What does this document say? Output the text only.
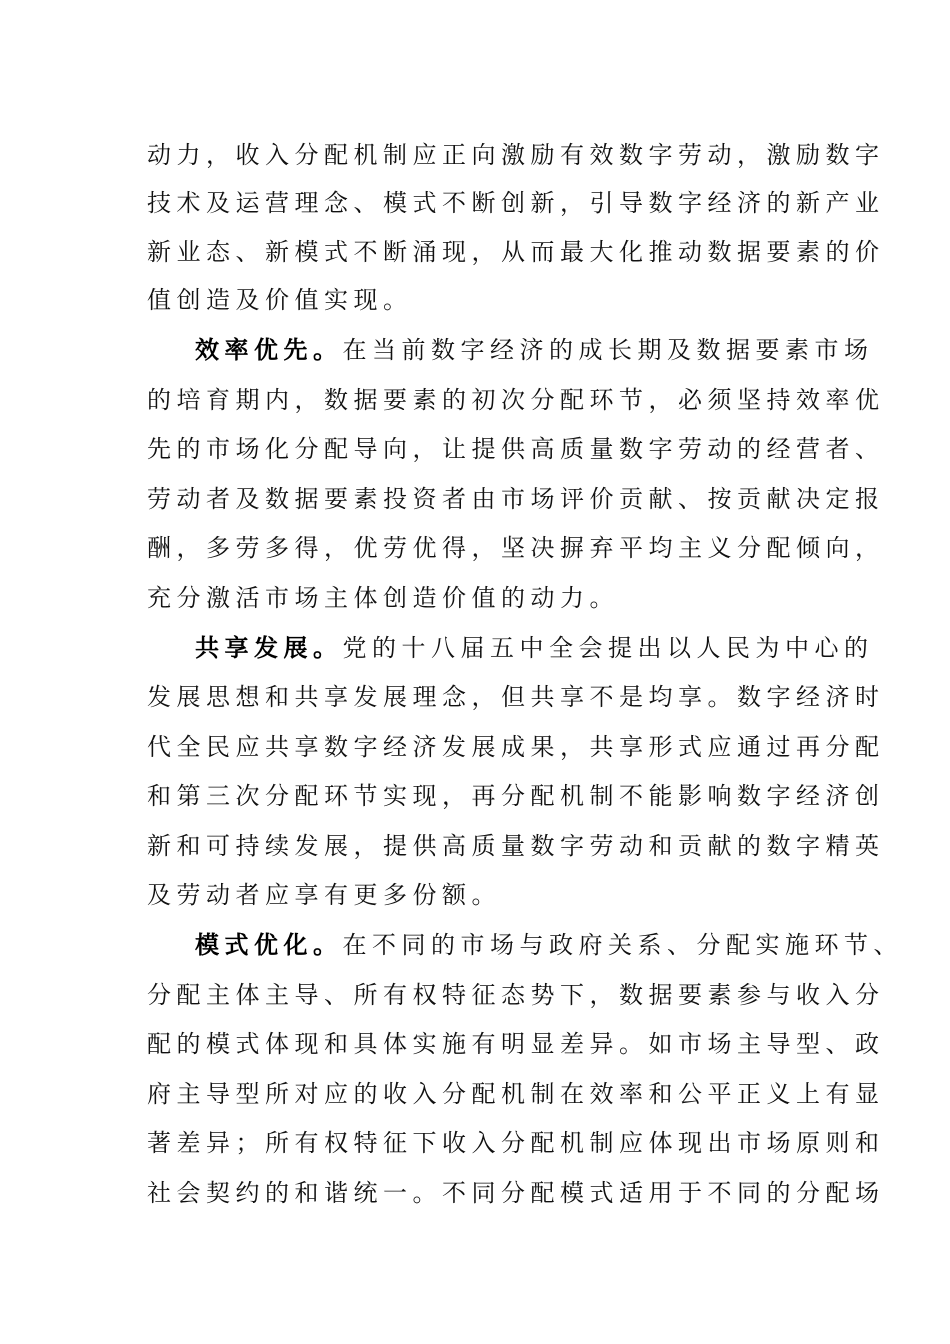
动力，收入分配机制应正向激励有效数字劳动，激励数字
技术及运营理念、模式不断创新，引导数字经济的新产业
新业态、新模式不断涌现，从而最大化推动数据要素的价
值创造及价值实现。
效率优先。在当前数字经济的成长期及数据要素市场
的培育期内，数据要素的初次分配环节，必须坚持效率优
先的市场化分配导向，让提供高质量数字劳动的经营者、
劳动者及数据要素投资者由市场评价贡献、按贡献决定报
酬，多劳多得，优劳优得，坚决摒弃平均主义分配倾向，
充分激活市场主体创造价值的动力。
共享发展。党的十八届五中全会提出以人民为中心的
发展思想和共享发展理念，但共享不是均享。数字经济时
代全民应共享数字经济发展成果，共享形式应通过再分配
和第三次分配环节实现，再分配机制不能影响数字经济创
新和可持续发展，提供高质量数字劳动和贡献的数字精英
及劳动者应享有更多份额。
模式优化。在不同的市场与政府关系、分配实施环节、
分配主体主导、所有权特征态势下，数据要素参与收入分
配的模式体现和具体实施有明显差异。如市场主导型、政
府主导型所对应的收入分配机制在效率和公平正义上有显
著差异；所有权特征下收入分配机制应体现出市场原则和
社会契约的和谐统一。不同分配模式适用于不同的分配场
